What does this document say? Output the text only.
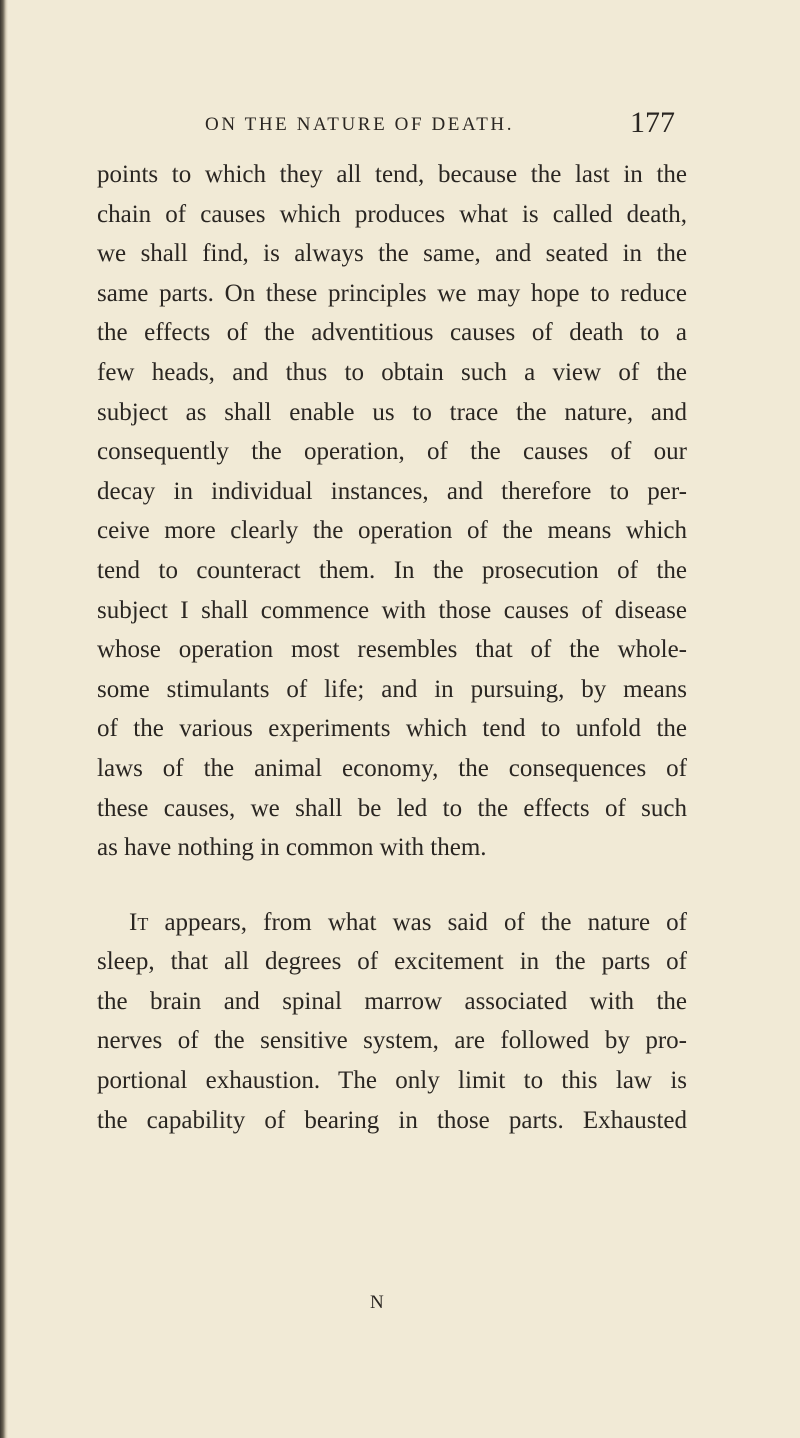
ON THE NATURE OF DEATH.	177
points to which they all tend, because the last in the
chain of causes which produces what is called death,
we shall find, is always the same, and seated in the
same parts. On these principles we may hope to reduce
the effects of the adventitious causes of death to a
few heads, and thus to obtain such a view of the
subject as shall enable us to trace the nature, and
consequently the operation, of the causes of our
decay in individual instances, and therefore to per-
ceive more clearly the operation of the means which
tend to counteract them. In the prosecution of the
subject I shall commence with those causes of disease
whose operation most resembles that of the whole-
some stimulants of life; and in pursuing, by means
of the various experiments which tend to unfold the
laws of the animal economy, the consequences of
these causes, we shall be led to the effects of such
as have nothing in common with them.
It appears, from what was said of the nature of
sleep, that all degrees of excitement in the parts of
the brain and spinal marrow associated with the
nerves of the sensitive system, are followed by pro-
portional exhaustion. The only limit to this law is
the capability of bearing in those parts. Exhausted
N
